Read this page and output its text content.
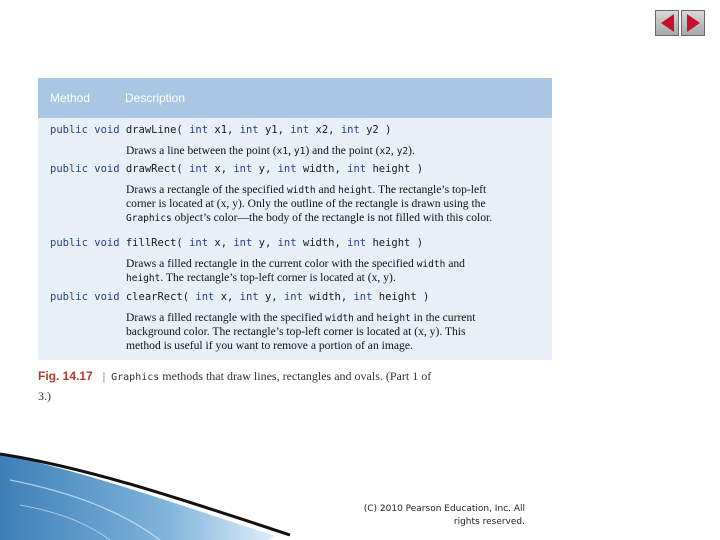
Method	Description
public void drawLine( int x1, int y1, int x2, int y2 )
Draws a line between the point (x1, y1) and the point (x2, y2).
public void drawRect( int x, int y, int width, int height )
Draws a rectangle of the specified width and height. The rectangle’s top-left
corner is located at (x, y). Only the outline of the rectangle is drawn using the
Graphics object’s color—the body of the rectangle is not filled with this color.
public void fillRect( int x, int y, int width, int height )
Draws a filled rectangle in the current color with the specified width and
height. The rectangle’s top-left corner is located at (x, y).
public void clearRect( int x, int y, int width, int height )
Draws a filled rectangle with the specified width and height in the current
background color. The rectangle’s top-left corner is located at (x, y). This
method is useful if you want to remove a portion of an image.
Fig. 14.17 | Graphics methods that draw lines, rectangles and ovals. (Part 1 of
3.)
(C) 2010 Pearson Education, Inc. All
rights reserved.
